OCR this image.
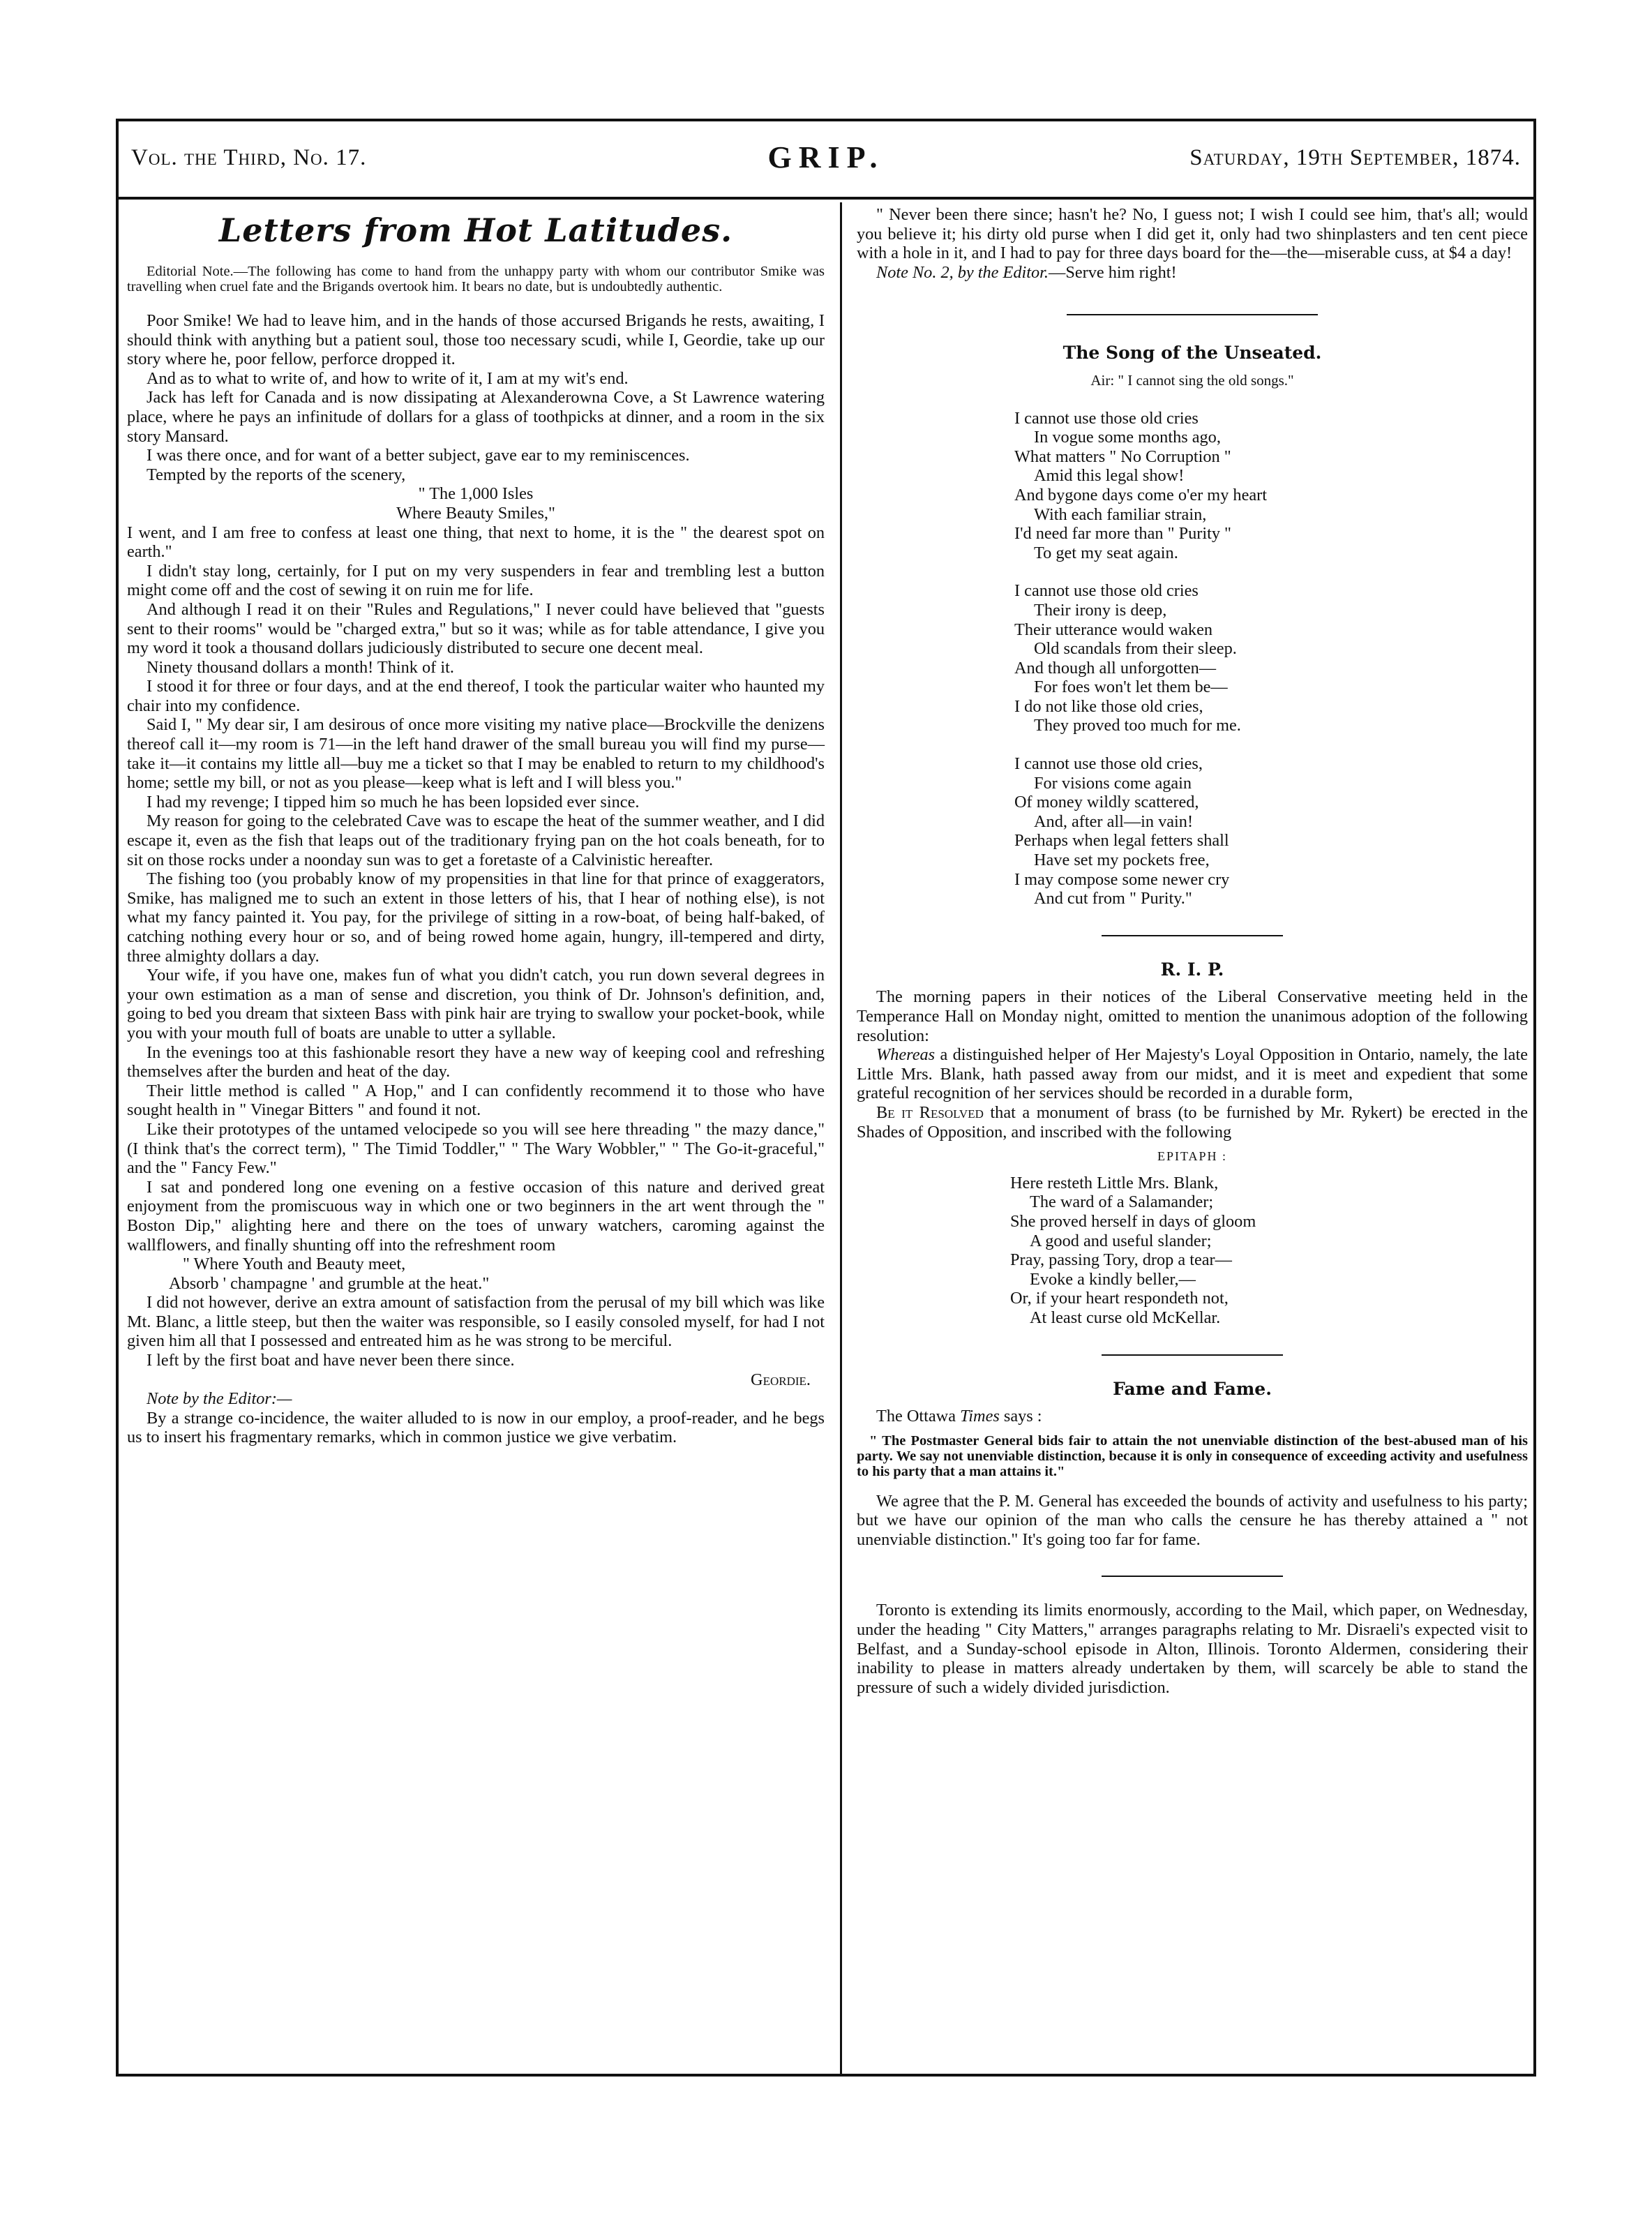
Vol. the Third, No. 17.	GRIP.	Saturday, 19th September, 1874.
Letters from Hot Latitudes.

Editorial Note.—The following has come to hand from the unhappy party with whom our contributor Smike was travelling when cruel fate and the Brigands overtook him. It bears no date, but is undoubtedly authentic.

Poor Smike! We had to leave him, and in the hands of those accursed Brigands he rests, awaiting, I should think with anything but a patient soul, those too necessary scudi, while I, Geordie, take up our story where he, poor fellow, perforce dropped it.

And as to what to write of, and how to write of it, I am at my wit's end.

Jack has left for Canada and is now dissipating at Alexanderowna Cove, a St Lawrence watering place, where he pays an infinitude of dollars for a glass of toothpicks at dinner, and a room in the six story Mansard.

I was there once, and for want of a better subject, gave ear to my reminiscences.

Tempted by the reports of the scenery,

" The 1,000 Isles

Where Beauty Smiles,"

I went, and I am free to confess at least one thing, that next to home, it is the " the dearest spot on earth."

I didn't stay long, certainly, for I put on my very suspenders in fear and trembling lest a button might come off and the cost of sewing it on ruin me for life.

And although I read it on their "Rules and Regulations," I never could have believed that "guests sent to their rooms" would be "charged extra," but so it was; while as for table attendance, I give you my word it took a thousand dollars judiciously distributed to secure one decent meal.

Ninety thousand dollars a month! Think of it.

I stood it for three or four days, and at the end thereof, I took the particular waiter who haunted my chair into my confidence.

Said I, " My dear sir, I am desirous of once more visiting my native place—Brockville the denizens thereof call it—my room is 71—in the left hand drawer of the small bureau you will find my purse—take it—it contains my little all—buy me a ticket so that I may be enabled to return to my childhood's home; settle my bill, or not as you please—keep what is left and I will bless you."

I had my revenge; I tipped him so much he has been lopsided ever since.

My reason for going to the celebrated Cave was to escape the heat of the summer weather, and I did escape it, even as the fish that leaps out of the traditionary frying pan on the hot coals beneath, for to sit on those rocks under a noonday sun was to get a foretaste of a Calvinistic hereafter.

The fishing too (you probably know of my propensities in that line for that prince of exaggerators, Smike, has maligned me to such an extent in those letters of his, that I hear of nothing else), is not what my fancy painted it. You pay, for the privilege of sitting in a row-boat, of being half-baked, of catching nothing every hour or so, and of being rowed home again, hungry, ill-tempered and dirty, three almighty dollars a day.

Your wife, if you have one, makes fun of what you didn't catch, you run down several degrees in your own estimation as a man of sense and discretion, you think of Dr. Johnson's definition, and, going to bed you dream that sixteen Bass with pink hair are trying to swallow your pocket-book, while you with your mouth full of boats are unable to utter a syllable.

In the evenings too at this fashionable resort they have a new way of keeping cool and refreshing themselves after the burden and heat of the day.

Their little method is called " A Hop," and I can confidently recommend it to those who have sought health in " Vinegar Bitters " and found it not.

Like their prototypes of the untamed velocipede so you will see here threading " the mazy dance," (I think that's the correct term), " The Timid Toddler," " The Wary Wobbler," " The Go-it-graceful," and the " Fancy Few."

I sat and pondered long one evening on a festive occasion of this nature and derived great enjoyment from the promiscuous way in which one or two beginners in the art went through the " Boston Dip," alighting here and there on the toes of unwary watchers, caroming against the wallflowers, and finally shunting off into the refreshment room

" Where Youth and Beauty meet,

Absorb ' champagne ' and grumble at the heat."

I did not however, derive an extra amount of satisfaction from the perusal of my bill which was like Mt. Blanc, a little steep, but then the waiter was responsible, so I easily consoled myself, for had I not given him all that I possessed and entreated him as he was strong to be merciful.

I left by the first boat and have never been there since.

Geordie.

Note by the Editor:—

By a strange co-incidence, the waiter alluded to is now in our employ, a proof-reader, and he begs us to insert his fragmentary remarks, which in common justice we give verbatim.

" Never been there since; hasn't he? No, I guess not; I wish I could see him, that's all; would you believe it; his dirty old purse when I did get it, only had two shinplasters and ten cent piece with a hole in it, and I had to pay for three days board for the—the—miserable cuss, at $4 a day!

Note No. 2, by the Editor.—Serve him right!

The Song of the Unseated.
Air: " I cannot sing the old songs."
I cannot use those old cries
In vogue some months ago,
What matters " No Corruption "
Amid this legal show!
And bygone days come o'er my heart
With each familiar strain,
I'd need far more than " Purity "
To get my seat again.
I cannot use those old cries
Their irony is deep,
Their utterance would waken
Old scandals from their sleep.
And though all unforgotten—
For foes won't let them be—
I do not like those old cries,
They proved too much for me.
I cannot use those old cries,
For visions come again
Of money wildly scattered,
And, after all—in vain!
Perhaps when legal fetters shall
Have set my pockets free,
I may compose some newer cry
And cut from " Purity."
R. I. P.

The morning papers in their notices of the Liberal Conservative meeting held in the Temperance Hall on Monday night, omitted to mention the unanimous adoption of the following resolution:

Whereas a distinguished helper of Her Majesty's Loyal Opposition in Ontario, namely, the late Little Mrs. Blank, hath passed away from our midst, and it is meet and expedient that some grateful recognition of her services should be recorded in a durable form,

Be it Resolved that a monument of brass (to be furnished by Mr. Rykert) be erected in the Shades of Opposition, and inscribed with the following

EPITAPH :
Here resteth Little Mrs. Blank,
The ward of a Salamander;
She proved herself in days of gloom
A good and useful slander;
Pray, passing Tory, drop a tear—
Evoke a kindly beller,—
Or, if your heart respondeth not,
At least curse old McKellar.
Fame and Fame.

The Ottawa Times says :

" The Postmaster General bids fair to attain the not unenviable distinction of the best-abused man of his party. We say not unenviable distinction, because it is only in consequence of exceeding activity and usefulness to his party that a man attains it."

We agree that the P. M. General has exceeded the bounds of activity and usefulness to his party; but we have our opinion of the man who calls the censure he has thereby attained a " not unenviable distinction." It's going too far for fame.

Toronto is extending its limits enormously, according to the Mail, which paper, on Wednesday, under the heading " City Matters," arranges paragraphs relating to Mr. Disraeli's expected visit to Belfast, and a Sunday-school episode in Alton, Illinois. Toronto Aldermen, considering their inability to please in matters already undertaken by them, will scarcely be able to stand the pressure of such a widely divided jurisdiction.
